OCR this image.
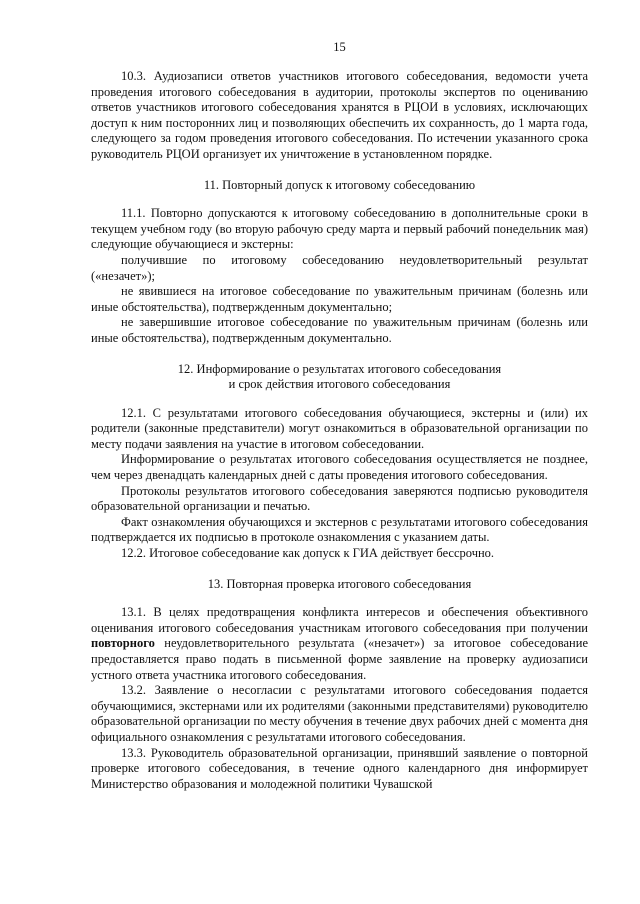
15

10.3. Аудиозаписи ответов участников итогового собеседования, ведомости учета проведения итогового собеседования в аудитории, протоколы экспертов по оцениванию ответов участников итогового собеседования хранятся в РЦОИ в условиях, исключающих доступ к ним посторонних лиц и позволяющих обеспечить их сохранность, до 1 марта года, следующего за годом проведения итогового собеседования. По истечении указанного срока руководитель РЦОИ организует их уничтожение в установленном порядке.

11. Повторный допуск к итоговому собеседованию

11.1. Повторно допускаются к итоговому собеседованию в дополнительные сроки в текущем учебном году (во вторую рабочую среду марта и первый рабочий понедельник мая) следующие обучающиеся и экстерны:

получившие по итоговому собеседованию неудовлетворительный результат («незачет»);

не явившиеся на итоговое собеседование по уважительным причинам (болезнь или иные обстоятельства), подтвержденным документально;

не завершившие итоговое собеседование по уважительным причинам (болезнь или иные обстоятельства), подтвержденным документально.

12. Информирование о результатах итогового собеседования
и срок действия итогового собеседования

12.1. С результатами итогового собеседования обучающиеся, экстерны и (или) их родители (законные представители) могут ознакомиться в образовательной организации по месту подачи заявления на участие в итоговом собеседовании.

Информирование о результатах итогового собеседования осуществляется не позднее, чем через двенадцать календарных дней с даты проведения итогового собеседования.

Протоколы результатов итогового собеседования заверяются подписью руководителя образовательной организации и печатью.

Факт ознакомления обучающихся и экстернов с результатами итогового собеседования подтверждается их подписью в протоколе ознакомления с указанием даты.

12.2. Итоговое собеседование как допуск к ГИА действует бессрочно.

13. Повторная проверка итогового собеседования

13.1. В целях предотвращения конфликта интересов и обеспечения объективного оценивания итогового собеседования участникам итогового собеседования при получении повторного неудовлетворительного результата («незачет») за итоговое собеседование предоставляется право подать в письменной форме заявление на проверку аудиозаписи устного ответа участника итогового собеседования.

13.2. Заявление о несогласии с результатами итогового собеседования подается обучающимися, экстернами или их родителями (законными представителями) руководителю образовательной организации по месту обучения в течение двух рабочих дней с момента дня официального ознакомления с результатами итогового собеседования.

13.3. Руководитель образовательной организации, принявший заявление о повторной проверке итогового собеседования, в течение одного календарного дня информирует Министерство образования и молодежной политики Чувашской
